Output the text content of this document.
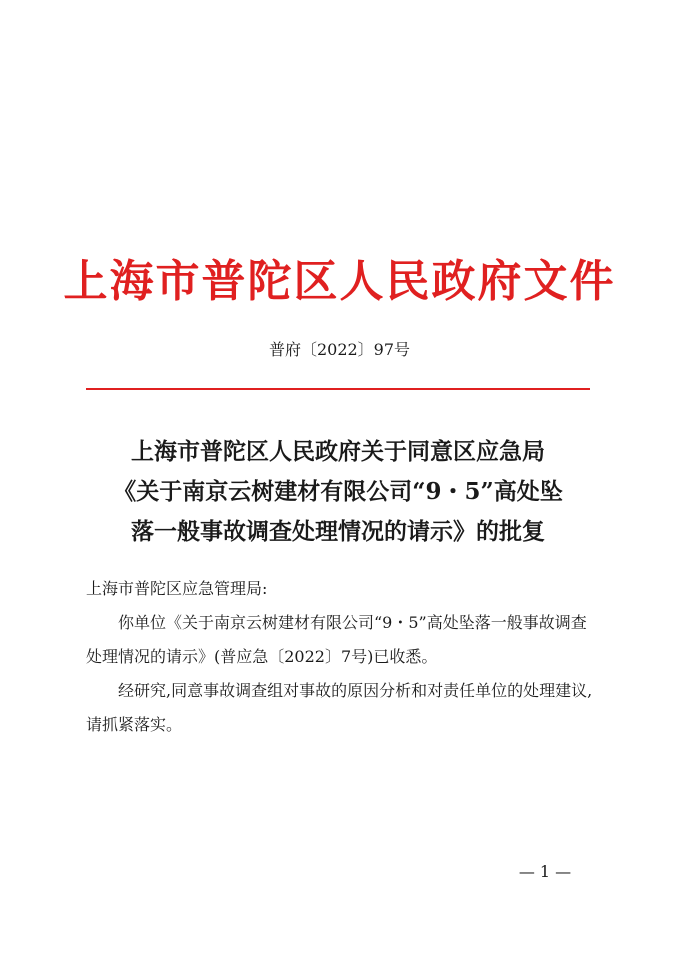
上海市普陀区人民政府文件
普府〔2022〕97号
上海市普陀区人民政府关于同意区应急局
《关于南京云树建材有限公司“9・5”高处坠
落一般事故调查处理情况的请示》的批复

上海市普陀区应急管理局:

你单位《关于南京云树建材有限公司“9・5”高处坠落一般事故调查处理情况的请示》(普应急〔2022〕7号)已收悉。

经研究,同意事故调查组对事故的原因分析和对责任单位的处理建议,请抓紧落实。

— 1 —
